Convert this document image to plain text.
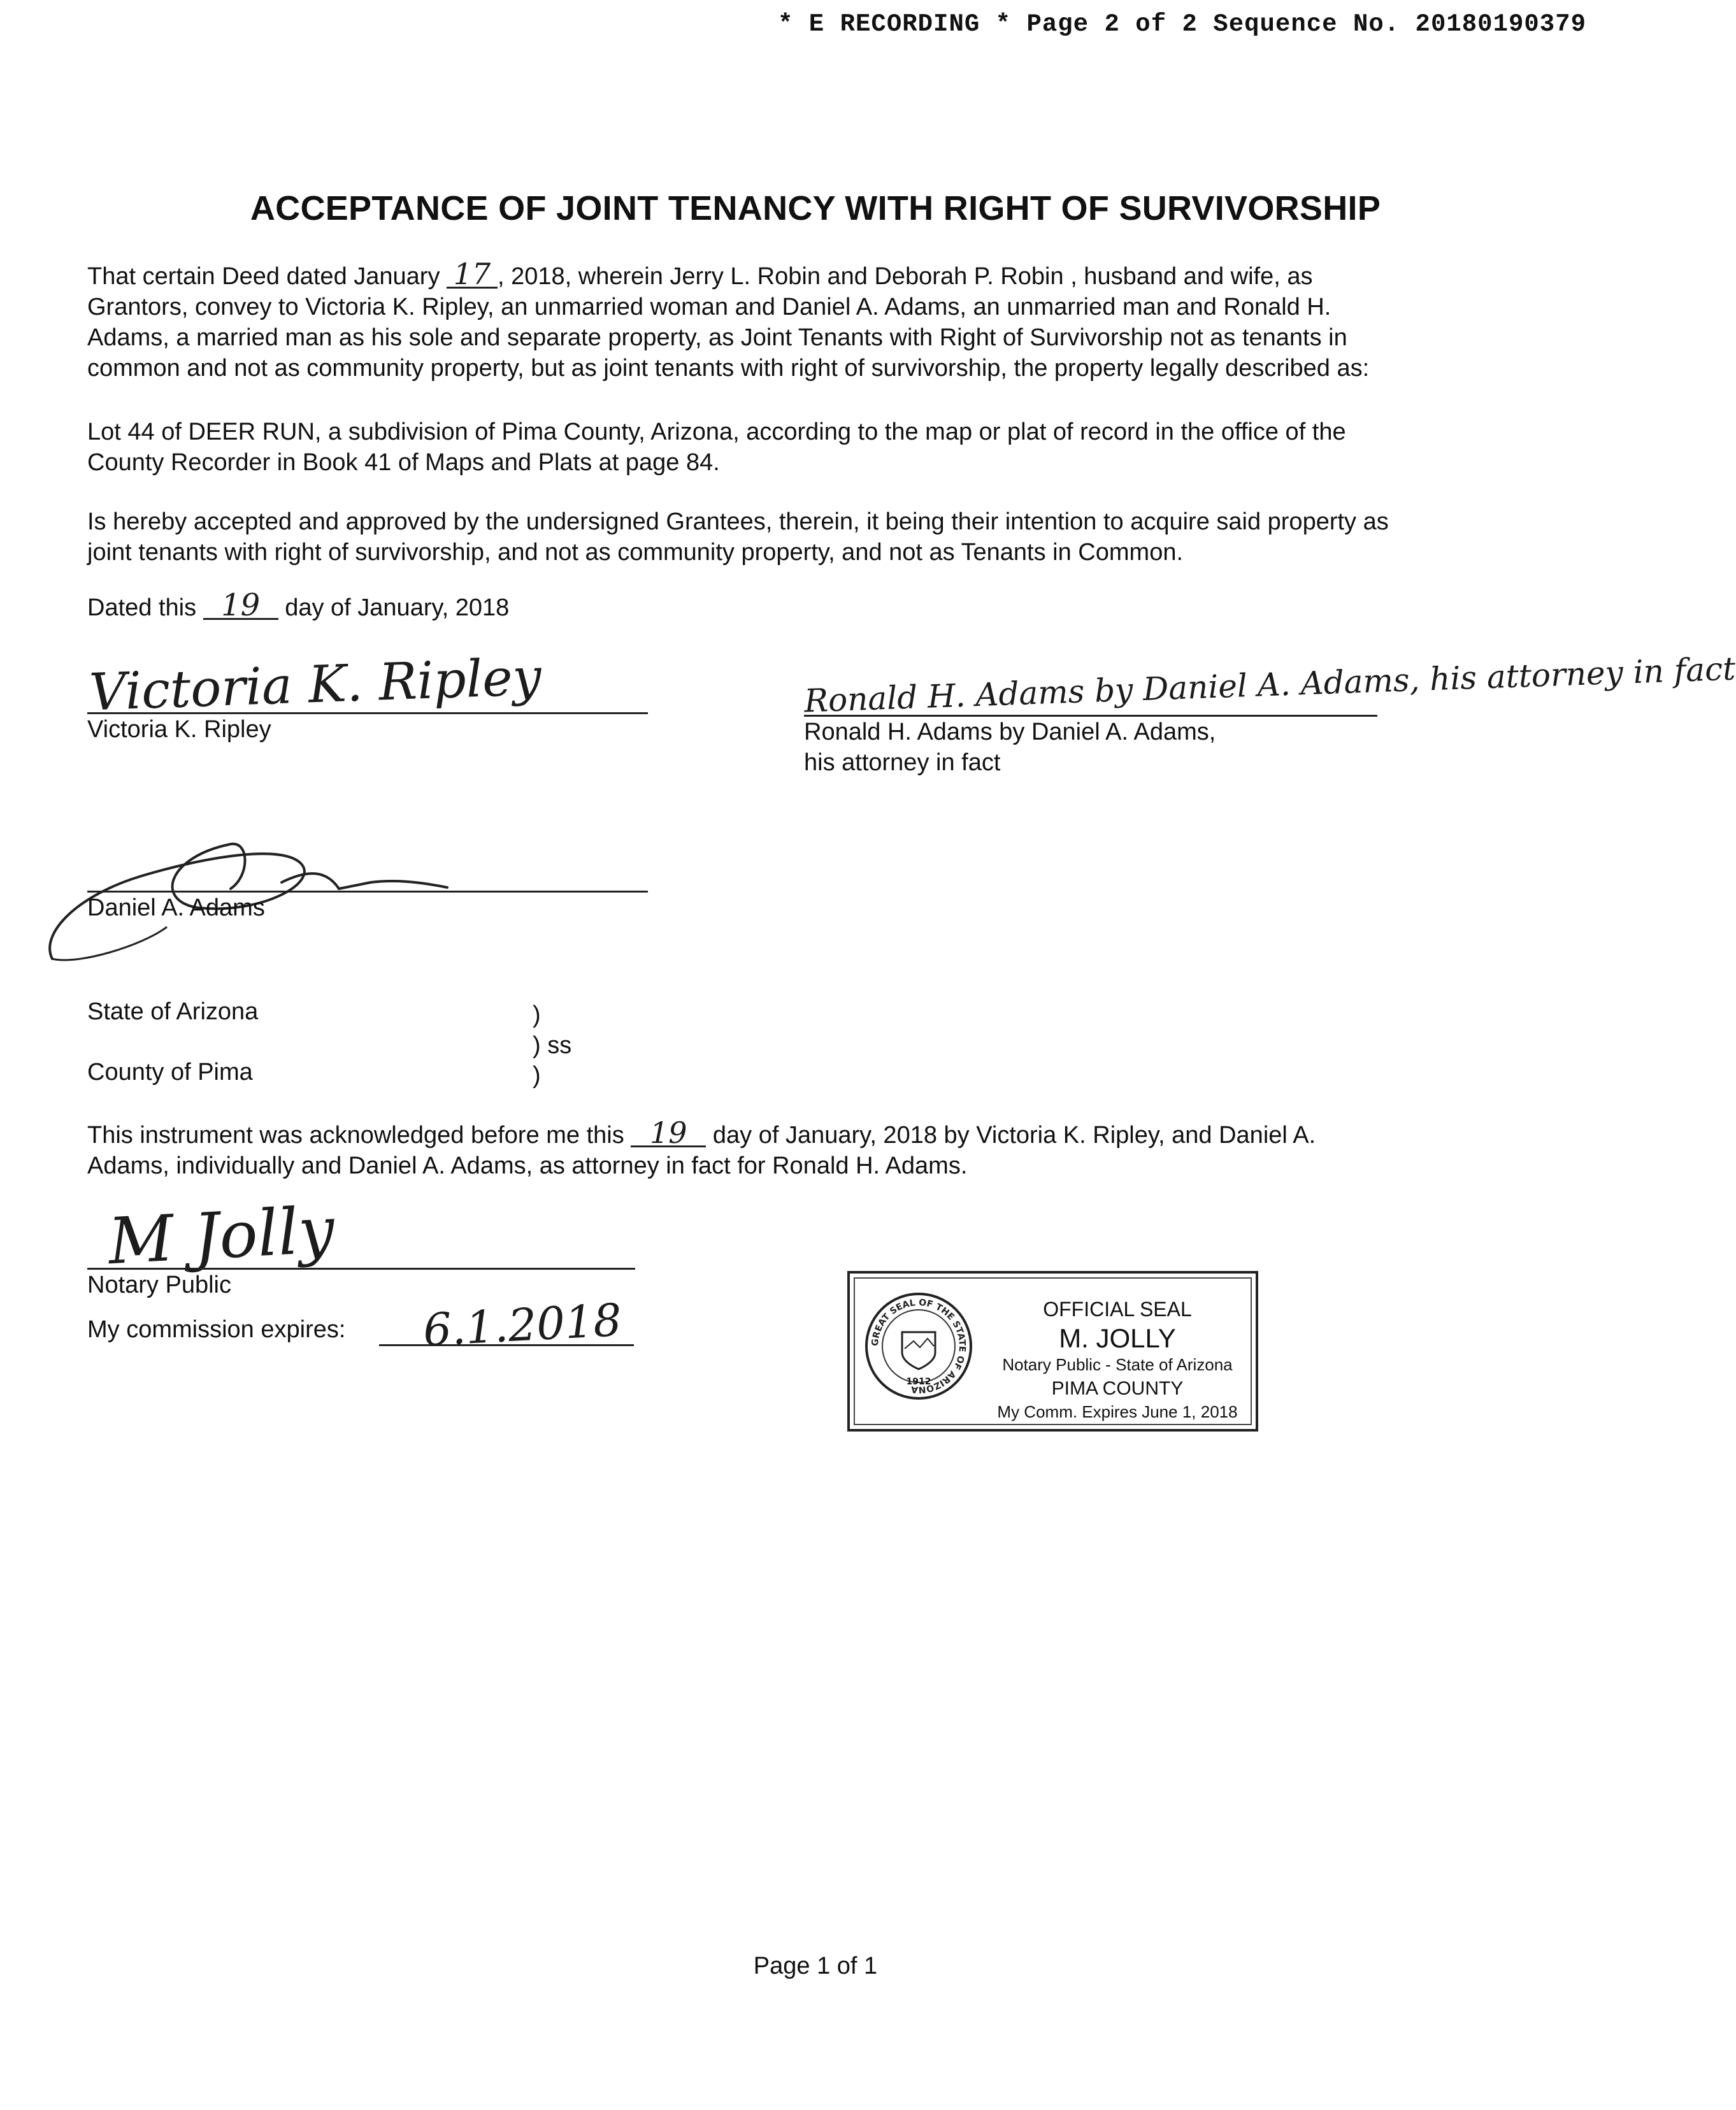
* E RECORDING * Page 2 of 2 Sequence No. 20180190379
ACCEPTANCE OF JOINT TENANCY WITH RIGHT OF SURVIVORSHIP
That certain Deed dated January 17 , 2018, wherein Jerry L. Robin and Deborah P. Robin , husband and wife, as
Grantors, convey to Victoria K. Ripley, an unmarried woman and Daniel A. Adams, an unmarried man and Ronald H.
Adams, a married man as his sole and separate property, as Joint Tenants with Right of Survivorship not as tenants in
common and not as community property, but as joint tenants with right of survivorship, the property legally described as:
Lot 44 of DEER RUN, a subdivision of Pima County, Arizona, according to the map or plat of record in the office of the
County Recorder in Book 41 of Maps and Plats at page 84.
Is hereby accepted and approved by the undersigned Grantees, therein, it being their intention to acquire said property as
joint tenants with right of survivorship, and not as community property, and not as Tenants in Common.
Dated this 19 day of January, 2018
Victoria K. Ripley
Victoria K. Ripley
Ronald H. Adams by Daniel A. Adams, his attorney in fact
Ronald H. Adams by Daniel A. Adams,
his attorney in fact
Daniel A. Adams
State of Arizona	)
) ss
County of Pima	)
This instrument was acknowledged before me this 19 day of January, 2018 by Victoria K. Ripley, and Daniel A.
Adams, individually and Daniel A. Adams, as attorney in fact for Ronald H. Adams.
M Jolly
Notary Public
My commission expires:	6.1.2018	GREAT SEAL OF THE STATE OF ARIZONA
1912
OFFICIAL SEAL
M. JOLLY
Notary Public - State of Arizona
PIMA COUNTY
My Comm. Expires June 1, 2018
Page 1 of 1
